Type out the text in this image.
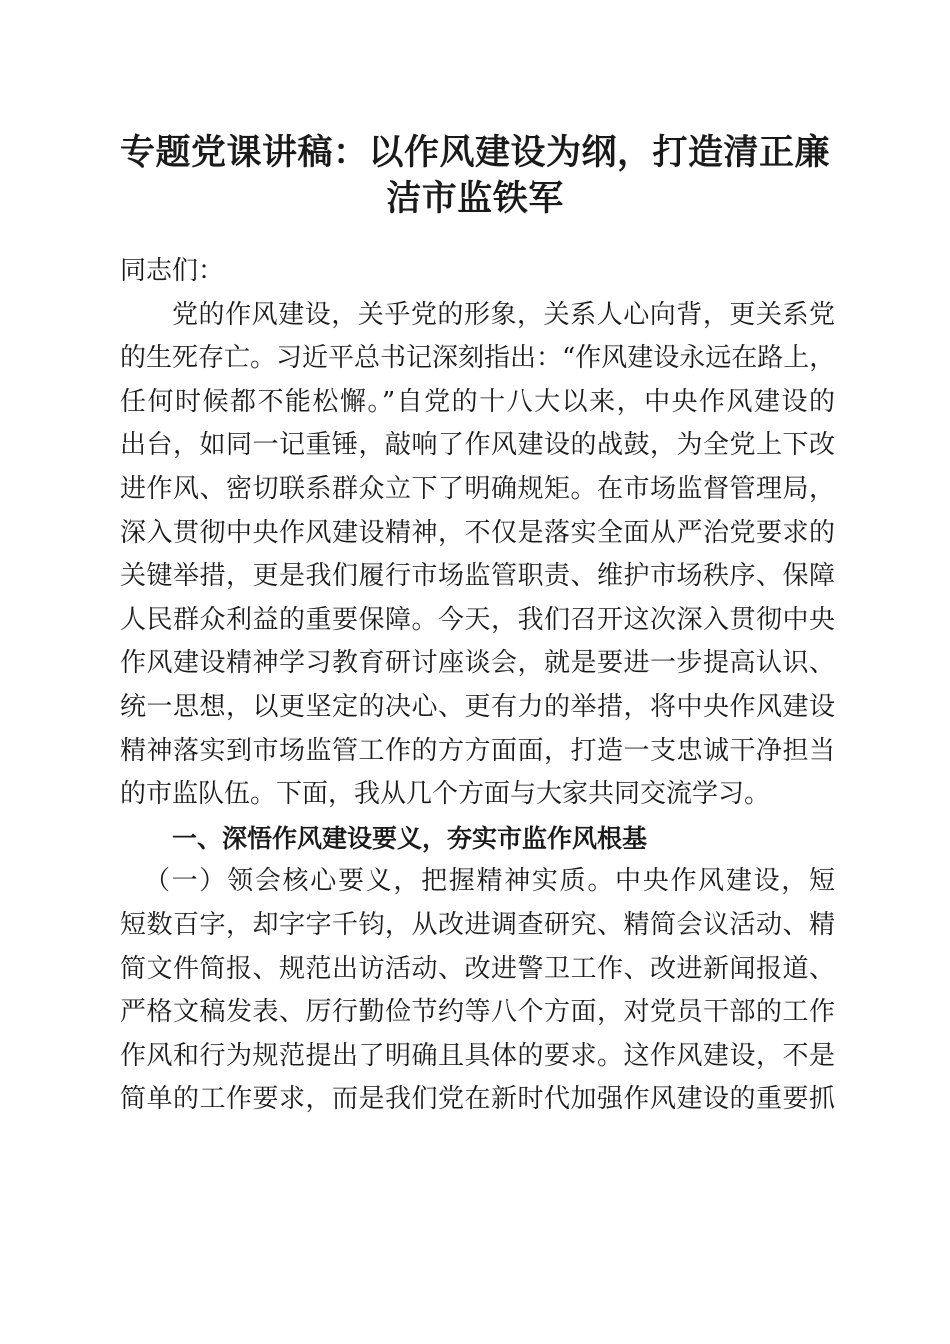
专题党课讲稿：以作风建设为纲，打造清正廉
洁市监铁军
同志们：
党的作风建设，关乎党的形象，关系人心向背，更关系党
的生死存亡。习近平总书记深刻指出：“作风建设永远在路上，
任何时候都不能松懈。”自党的十八大以来，中央作风建设的
出台，如同一记重锤，敲响了作风建设的战鼓，为全党上下改
进作风、密切联系群众立下了明确规矩。在市场监督管理局，
深入贯彻中央作风建设精神，不仅是落实全面从严治党要求的
关键举措，更是我们履行市场监管职责、维护市场秩序、保障
人民群众利益的重要保障。今天，我们召开这次深入贯彻中央
作风建设精神学习教育研讨座谈会，就是要进一步提高认识、
统一思想，以更坚定的决心、更有力的举措，将中央作风建设
精神落实到市场监管工作的方方面面，打造一支忠诚干净担当
的市监队伍。下面，我从几个方面与大家共同交流学习。
一、深悟作风建设要义，夯实市监作风根基
（一）领会核心要义，把握精神实质。中央作风建设，短
短数百字，却字字千钧，从改进调查研究、精简会议活动、精
简文件简报、规范出访活动、改进警卫工作、改进新闻报道、
严格文稿发表、厉行勤俭节约等八个方面，对党员干部的工作
作风和行为规范提出了明确且具体的要求。这作风建设，不是
简单的工作要求，而是我们党在新时代加强作风建设的重要抓
